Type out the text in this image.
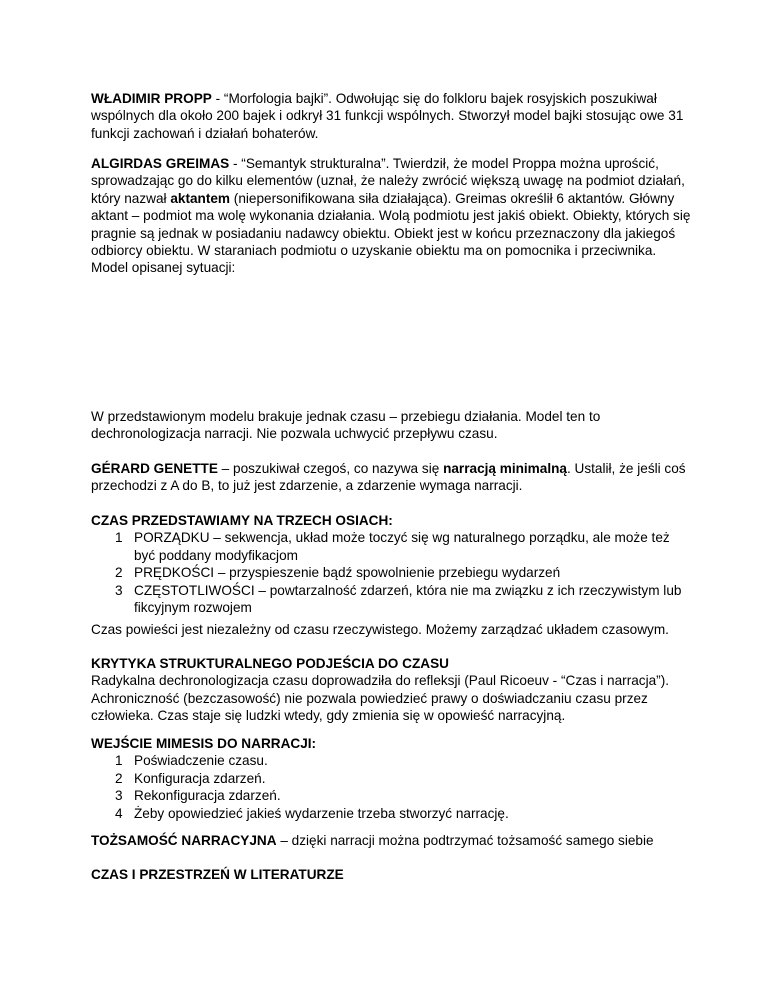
WŁADIMIR PROPP - “Morfologia bajki”. Odwołując się do folkloru bajek rosyjskich poszukiwał wspólnych dla około 200 bajek i odkrył 31 funkcji wspólnych. Stworzył model bajki stosując owe 31 funkcji zachowań i działań bohaterów.

ALGIRDAS GREIMAS - “Semantyk strukturalna”. Twierdził, że model Proppa można uprościć, sprowadzając go do kilku elementów (uznał, że należy zwrócić większą uwagę na podmiot działań, który nazwał aktantem (niepersonifikowana siła działająca). Greimas określił 6 aktantów. Główny aktant – podmiot ma wolę wykonania działania. Wolą podmiotu jest jakiś obiekt. Obiekty, których się pragnie są jednak w posiadaniu nadawcy obiektu. Obiekt jest w końcu przeznaczony dla jakiegoś odbiorcy obiektu. W staraniach podmiotu o uzyskanie obiektu ma on pomocnika i przeciwnika. Model opisanej sytuacji:

W przedstawionym modelu brakuje jednak czasu – przebiegu działania. Model ten to dechronologizacja narracji. Nie pozwala uchwycić przepływu czasu.

GÉRARD GENETTE – poszukiwał czegoś, co nazywa się narracją minimalną. Ustalił, że jeśli coś przechodzi z A do B, to już jest zdarzenie, a zdarzenie wymaga narracji.

CZAS PRZEDSTAWIAMY NA TRZECH OSIACH:

1 PORZĄDKU – sekwencja, układ może toczyć się wg naturalnego porządku, ale może też być poddany modyfikacjom
2 PRĘDKOŚCI – przyspieszenie bądź spowolnienie przebiegu wydarzeń
3 CZĘSTOTLIWOŚCI – powtarzalność zdarzeń, która nie ma związku z ich rzeczywistym lub fikcyjnym rozwojem

Czas powieści jest niezależny od czasu rzeczywistego. Możemy zarządzać układem czasowym.

KRYTYKA STRUKTURALNEGO PODJEŚCIA DO CZASU

Radykalna dechronologizacja czasu doprowadziła do refleksji (Paul Ricoeuv - “Czas i narracja”). Achroniczność (bezczasowość) nie pozwala powiedzieć prawy o doświadczaniu czasu przez człowieka. Czas staje się ludzki wtedy, gdy zmienia się w opowieść narracyjną.

WEJŚCIE MIMESIS DO NARRACJI:

1 Poświadczenie czasu.
2 Konfiguracja zdarzeń.
3 Rekonfiguracja zdarzeń.
4 Żeby opowiedzieć jakieś wydarzenie trzeba stworzyć narrację.

TOŻSAMOŚĆ NARRACYJNA – dzięki narracji można podtrzymać tożsamość samego siebie

CZAS I PRZESTRZEŃ W LITERATURZE
